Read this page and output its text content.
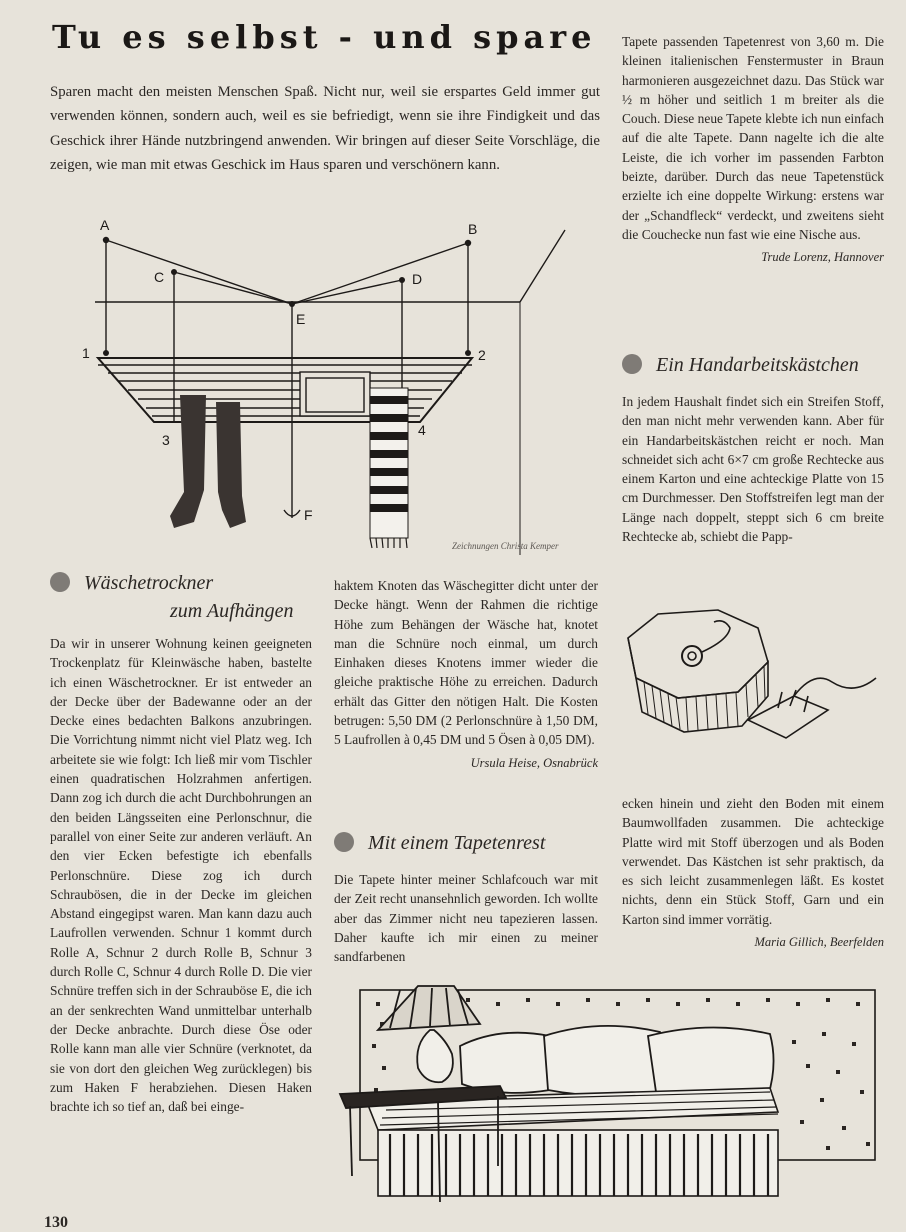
Tu es selbst - und spare
Sparen macht den meisten Menschen Spaß. Nicht nur, weil sie erspartes Geld immer gut verwenden können, sondern auch, weil es sie befriedigt, wenn sie ihre Findigkeit und das Geschick ihrer Hände nutzbringend anwenden. Wir bringen auf dieser Seite Vorschläge, die zeigen, wie man mit etwas Geschick im Haus sparen und verschönern kann.
A	B
C	D
E
F
1	2
3
4
Zeichnungen Christa Kemper
Wäschetrockner
zum Aufhängen

Da wir in unserer Wohnung keinen geeigneten Trockenplatz für Kleinwäsche haben, bastelte ich einen Wäschetrockner. Er ist entweder an der Decke über der Badewanne oder an der Decke eines bedachten Balkons anzubringen. Die Vorrichtung nimmt nicht viel Platz weg. Ich arbeitete sie wie folgt: Ich ließ mir vom Tischler einen quadratischen Holzrahmen anfertigen. Dann zog ich durch die acht Durchbohrungen an den beiden Längsseiten eine Perlonschnur, die parallel von einer Seite zur anderen verläuft. An den vier Ecken befestigte ich ebenfalls Perlonschnüre. Diese zog ich durch Schraubösen, die in der Decke im gleichen Abstand eingegipst waren. Man kann dazu auch Laufrollen verwenden. Schnur 1 kommt durch Rolle A, Schnur 2 durch Rolle B, Schnur 3 durch Rolle C, Schnur 4 durch Rolle D. Die vier Schnüre treffen sich in der Schrauböse E, die ich an der senkrechten Wand unmittelbar unterhalb der Decke anbrachte. Durch diese Öse oder Rolle kann man alle vier Schnüre (verknotet, da sie von dort den gleichen Weg zurücklegen) bis zum Haken F herabziehen. Diesen Haken brachte ich so tief an, daß bei einge-

haktem Knoten das Wäschegitter dicht unter der Decke hängt. Wenn der Rahmen die richtige Höhe zum Behängen der Wäsche hat, knotet man die Schnüre noch einmal, um durch Einhaken dieses Knotens immer wieder die gleiche praktische Höhe zu erreichen. Dadurch erhält das Gitter den nötigen Halt. Die Kosten betrugen: 5,50 DM (2 Perlonschnüre à 1,50 DM, 5 Laufrollen à 0,45 DM und 5 Ösen à 0,05 DM).

Ursula Heise, Osnabrück
Mit einem Tapetenrest

Die Tapete hinter meiner Schlafcouch war mit der Zeit recht unansehnlich geworden. Ich wollte aber das Zimmer nicht neu tapezieren lassen. Daher kaufte ich mir einen zu meiner sandfarbenen

Tapete passenden Tapetenrest von 3,60 m. Die kleinen italienischen Fenstermuster in Braun harmonieren ausgezeichnet dazu. Das Stück war ½ m höher und seitlich 1 m breiter als die Couch. Diese neue Tapete klebte ich nun einfach auf die alte Tapete. Dann nagelte ich die alte Leiste, die ich vorher im passenden Farbton beizte, darüber. Durch das neue Tapetenstück erzielte ich eine doppelte Wirkung: erstens war der „Schandfleck“ verdeckt, und zweitens sieht die Couchecke nun fast wie eine Nische aus.

Trude Lorenz, Hannover
Ein Handarbeitskästchen

In jedem Haushalt findet sich ein Streifen Stoff, den man nicht mehr verwenden kann. Aber für ein Handarbeitskästchen reicht er noch. Man schneidet sich acht 6×7 cm große Rechtecke aus einem Karton und eine achteckige Platte von 15 cm Durchmesser. Den Stoffstreifen legt man der Länge nach doppelt, steppt sich 6 cm breite Rechtecke ab, schiebt die Papp-

ecken hinein und zieht den Boden mit einem Baumwollfaden zusammen. Die achteckige Platte wird mit Stoff überzogen und als Boden verwendet. Das Kästchen ist sehr praktisch, da es sich leicht zusammenlegen läßt. Es kostet nichts, denn ein Stück Stoff, Garn und ein Karton sind immer vorrätig.

Maria Gillich, Beerfelden
130
